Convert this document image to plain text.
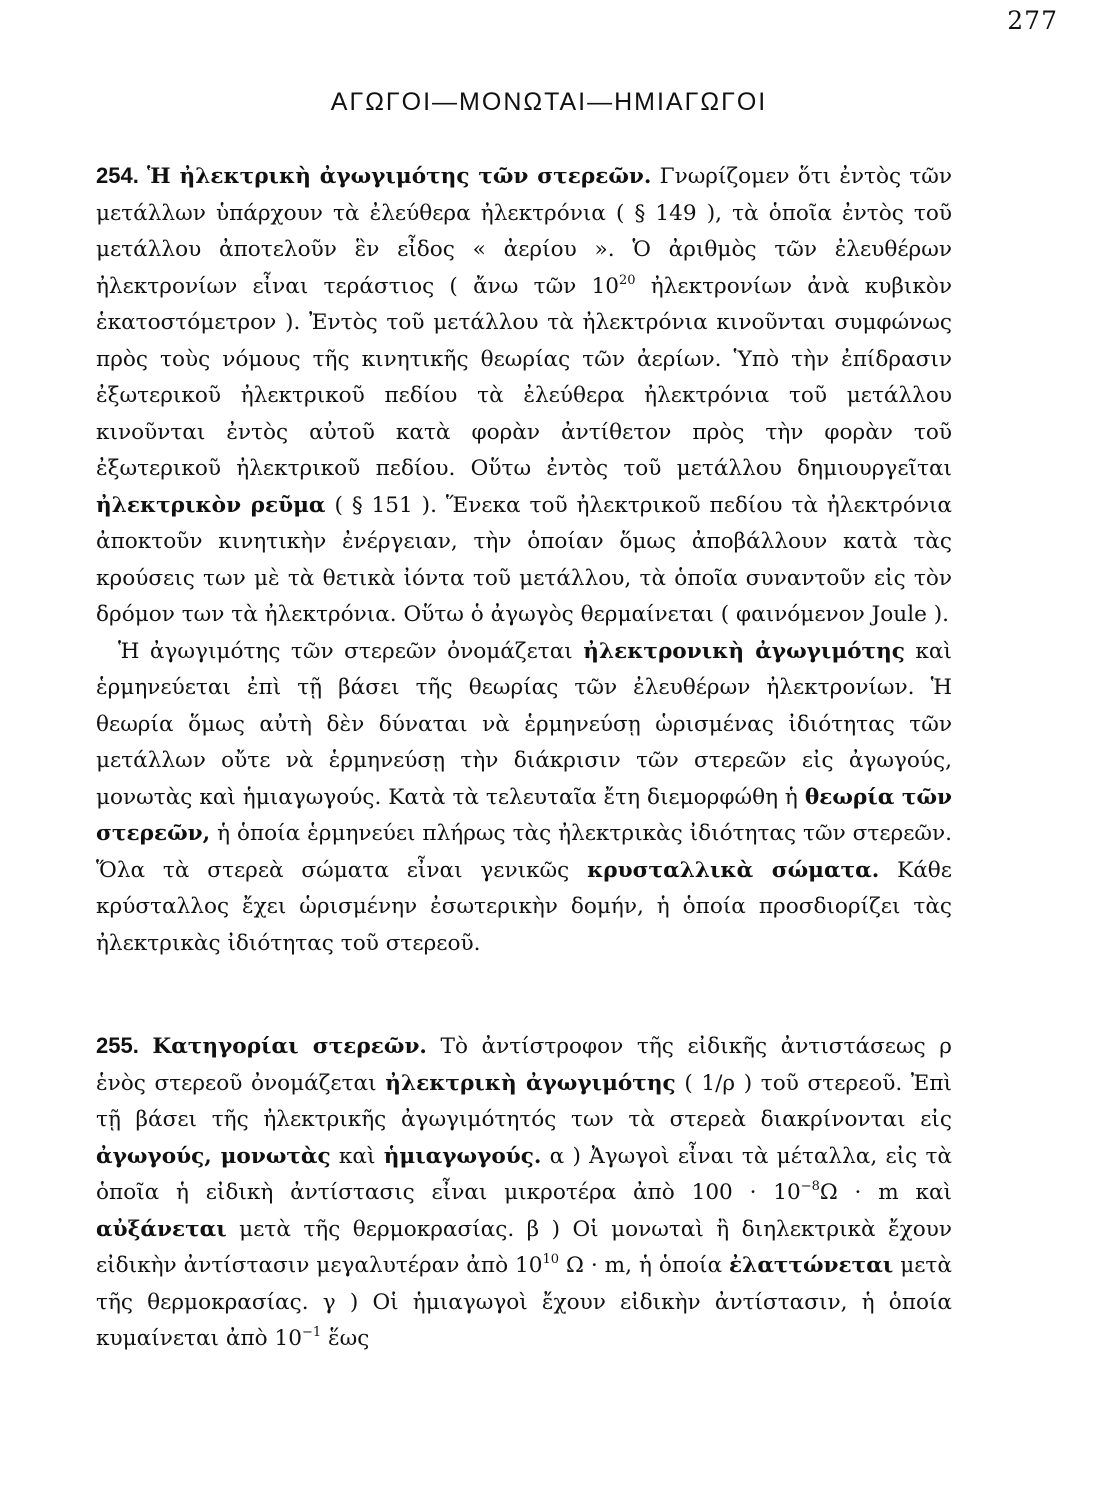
277
ΑΓΩΓΟΙ—ΜΟΝΩΤΑΙ—ΗΜΙΑΓΩΓΟΙ

254. Ἡ ἠλεκτρικὴ ἀγωγιμότης τῶν στερεῶν. Γνωρίζομεν ὅτι ἐντὸς τῶν μετάλλων ὑπάρχουν τὰ ἐλεύθερα ἠλεκτρόνια ( § 149 ), τὰ ὁποῖα ἐντὸς τοῦ μετάλλου ἀποτελοῦν ἓν εἶδος « ἀερίου ». Ὁ ἀριθμὸς τῶν ἐλευθέρων ἠλεκτρονίων εἶναι τεράστιος ( ἄνω τῶν $10^{20}$ ἠλεκτρονίων ἀνὰ κυβικὸν ἑκατοστόμετρον ). Ἐντὸς τοῦ μετάλλου τὰ ἠλεκτρόνια κινοῦνται συμφώνως πρὸς τοὺς νόμους τῆς κινητικῆς θεωρίας τῶν ἀερίων. Ὑπὸ τὴν ἐπίδρασιν ἐξωτερικοῦ ἠλεκτρικοῦ πεδίου τὰ ἐλεύθερα ἠλεκτρόνια τοῦ μετάλλου κινοῦνται ἐντὸς αὐτοῦ κατὰ φορὰν ἀντίθετον πρὸς τὴν φορὰν τοῦ ἐξωτερικοῦ ἠλεκτρικοῦ πεδίου. Οὕτω ἐντὸς τοῦ μετάλλου δημιουργεῖται ἠλεκτρικὸν ρεῦμα ( § 151 ). Ἕνεκα τοῦ ἠλεκτρικοῦ πεδίου τὰ ἠλεκτρόνια ἀποκτοῦν κινητικὴν ἐνέργειαν, τὴν ὁποίαν ὅμως ἀποβάλλουν κατὰ τὰς κρούσεις των μὲ τὰ θετικὰ ἰόντα τοῦ μετάλλου, τὰ ὁποῖα συναντοῦν εἰς τὸν δρόμον των τὰ ἠλεκτρόνια. Οὕτω ὁ ἀγωγὸς θερμαίνεται ( φαινόμενον Joule ).

Ἡ ἀγωγιμότης τῶν στερεῶν ὀνομάζεται ἠλεκτρονικὴ ἀγωγιμότης καὶ ἑρμηνεύεται ἐπὶ τῇ βάσει τῆς θεωρίας τῶν ἐλευθέρων ἠλεκτρονίων. Ἡ θεωρία ὅμως αὐτὴ δὲν δύναται νὰ ἑρμηνεύσῃ ὡρισμένας ἰδιότητας τῶν μετάλλων οὔτε νὰ ἑρμηνεύσῃ τὴν διάκρισιν τῶν στερεῶν εἰς ἀγωγούς, μονωτὰς καὶ ἡμιαγωγούς. Κατὰ τὰ τελευταῖα ἔτη διεμορφώθη ἡ θεωρία τῶν στερεῶν, ἡ ὁποία ἑρμηνεύει πλήρως τὰς ἠλεκτρικὰς ἰδιότητας τῶν στερεῶν. Ὅλα τὰ στερεὰ σώματα εἶναι γενικῶς κρυσταλλικὰ σώματα. Κάθε κρύσταλλος ἔχει ὡρισμένην ἐσωτερικὴν δομήν, ἡ ὁποία προσδιορίζει τὰς ἠλεκτρικὰς ἰδιότητας τοῦ στερεοῦ.

255. Κατηγορίαι στερεῶν. Τὸ ἀντίστροφον τῆς εἰδικῆς ἀντιστάσεως ρ ἑνὸς στερεοῦ ὀνομάζεται ἠλεκτρικὴ ἀγωγιμότης ( 1/ρ ) τοῦ στερεοῦ. Ἐπὶ τῇ βάσει τῆς ἠλεκτρικῆς ἀγωγιμότητός των τὰ στερεὰ διακρίνονται εἰς ἀγωγούς, μονωτὰς καὶ ἡμιαγωγούς. α ) Ἀγωγοὶ εἶναι τὰ μέταλλα, εἰς τὰ ὁποῖα ἡ εἰδικὴ ἀντίστασις εἶναι μικροτέρα ἀπὸ $100 \cdot 10^{-8}\Omega \cdot m$ καὶ αὐξάνεται μετὰ τῆς θερμοκρασίας. β ) Οἱ μονωταὶ ἢ διηλεκτρικὰ ἔχουν εἰδικὴν ἀντίστασιν μεγαλυτέραν ἀπὸ $10^{10}$ Ω · m, ἡ ὁποία ἐλαττώνεται μετὰ τῆς θερμοκρασίας. γ ) Οἱ ἡμιαγωγοὶ ἔχουν εἰδικὴν ἀντίστασιν, ἡ ὁποία κυμαίνεται ἀπὸ $10^{-1}$ ἕως
